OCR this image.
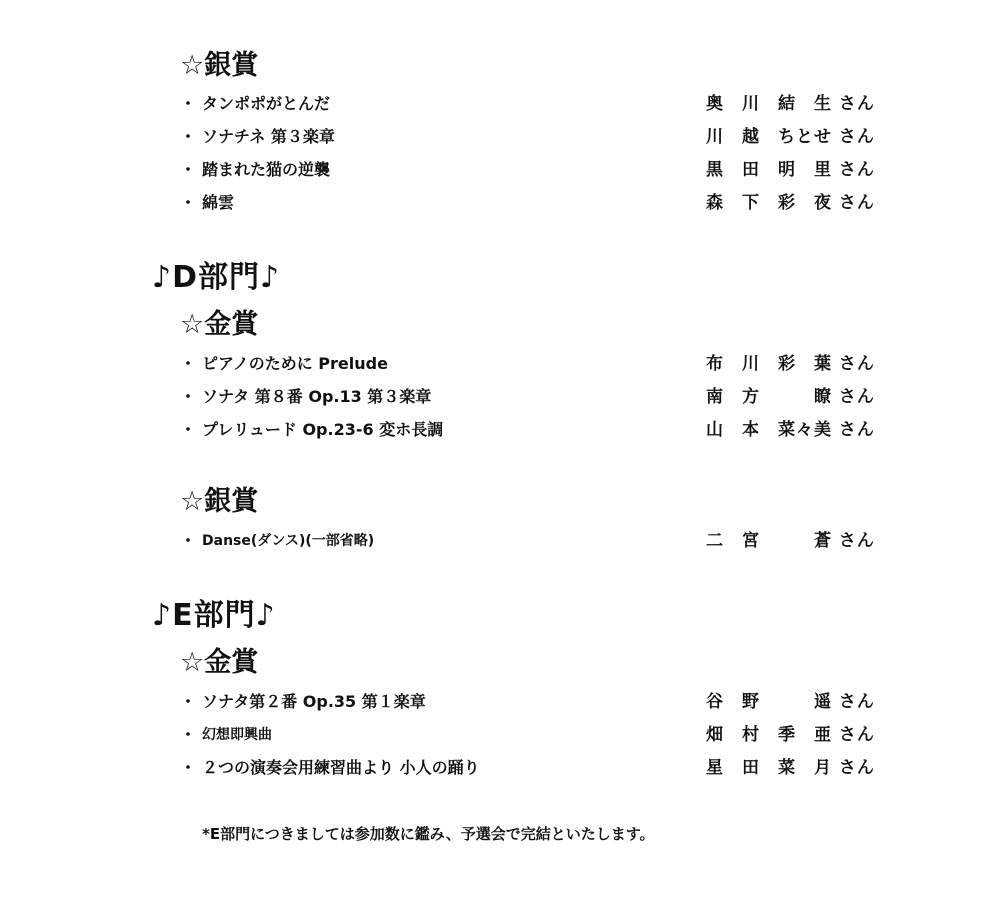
☆銀賞
・ タンポポがとんだ	奥　川　結　生 さん
・ ソナチネ 第３楽章	川　越　ちとせ さん
・ 踏まれた猫の逆襲	黒　田　明　里 さん
・ 綿雲	森　下　彩　夜 さん
♪D部門♪
☆金賞
・ ピアノのために Prelude	布　川　彩　葉 さん
・ ソナタ 第８番 Op.13 第３楽章	南　方　　　瞭 さん
・ プレリュード Op.23-6 変ホ長調	山　本　菜々美 さん
☆銀賞
・ Danse(ダンス)(一部省略)	二　宮　　　蒼 さん
♪E部門♪
☆金賞
・ ソナタ第２番 Op.35 第１楽章	谷　野　　　遥 さん
・ 幻想即興曲	畑　村　季　亜 さん
・ ２つの演奏会用練習曲より 小人の踊り	星　田　菜　月 さん
*E部門につきましては参加数に鑑み、予選会で完結といたします。
